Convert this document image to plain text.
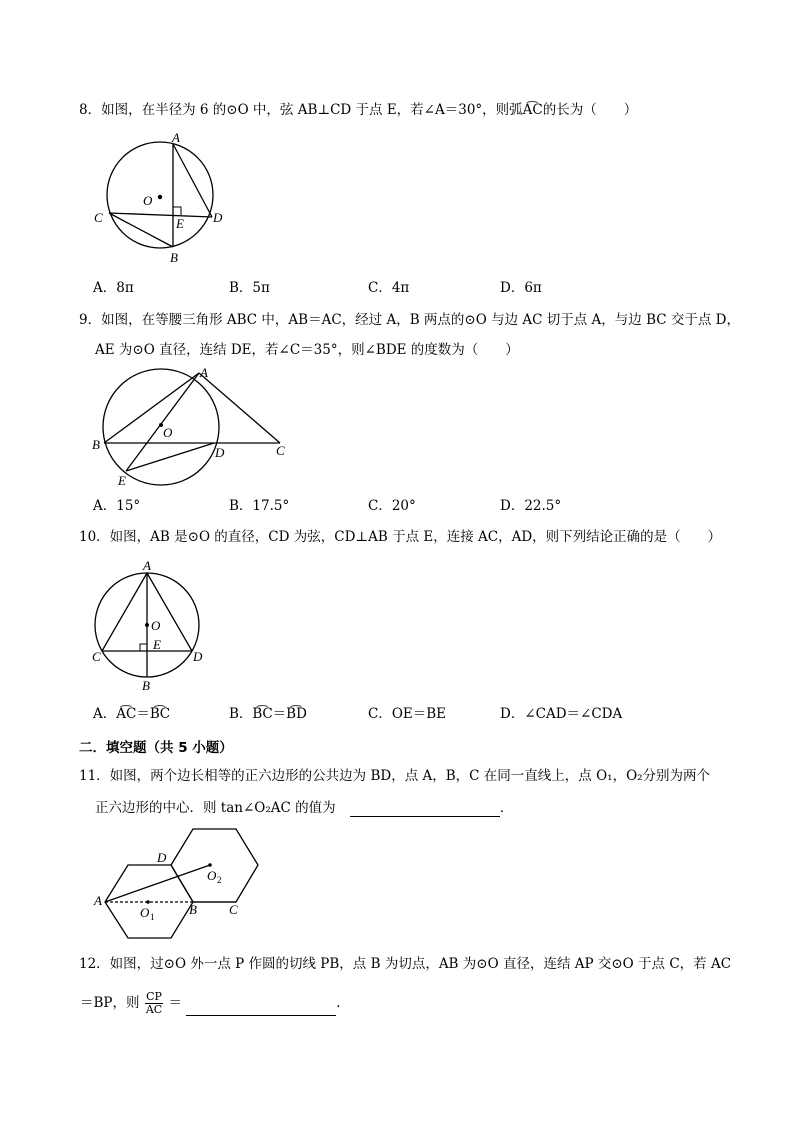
8．如图，在半径为 6 的⊙O 中，弦 AB⊥CD 于点 E，若∠A＝30°，则弧A͡C的长为（　　）
A
B
C	D
E
O
A．8π	B．5π	C．4π	D．6π
9．如图，在等腰三角形 ABC 中，AB＝AC，经过 A，B 两点的⊙O 与边 AC 切于点 A，与边 BC 交于点 D，
AE 为⊙O 直径，连结 DE，若∠C＝35°，则∠BDE 的度数为（　　）
A
B	C
D
E
O
A．15°	B．17.5°	C．20°	D．22.5°
10．如图，AB 是⊙O 的直径，CD 为弦，CD⊥AB 于点 E，连接 AC，AD，则下列结论正确的是（　　）
A
B
C	D
E
O
A．A͡C＝B͡C	B．B͡C＝B͡D	C．OE＝BE	D．∠CAD＝∠CDA
二．填空题（共 5 小题）
11．如图，两个边长相等的正六边形的公共边为 BD，点 A，B，C 在同一直线上，点 O₁，O₂分别为两个
正六边形的中心．则 tan∠O₂AC 的值为	．
A
B C
D
O 1
O 2
12．如图，过⊙O 外一点 P 作圆的切线 PB，点 B 为切点，AB 为⊙O 直径，连结 AP 交⊙O 于点 C，若 AC
＝BP，则 $\frac{CP}{AC}$ ＝	．
